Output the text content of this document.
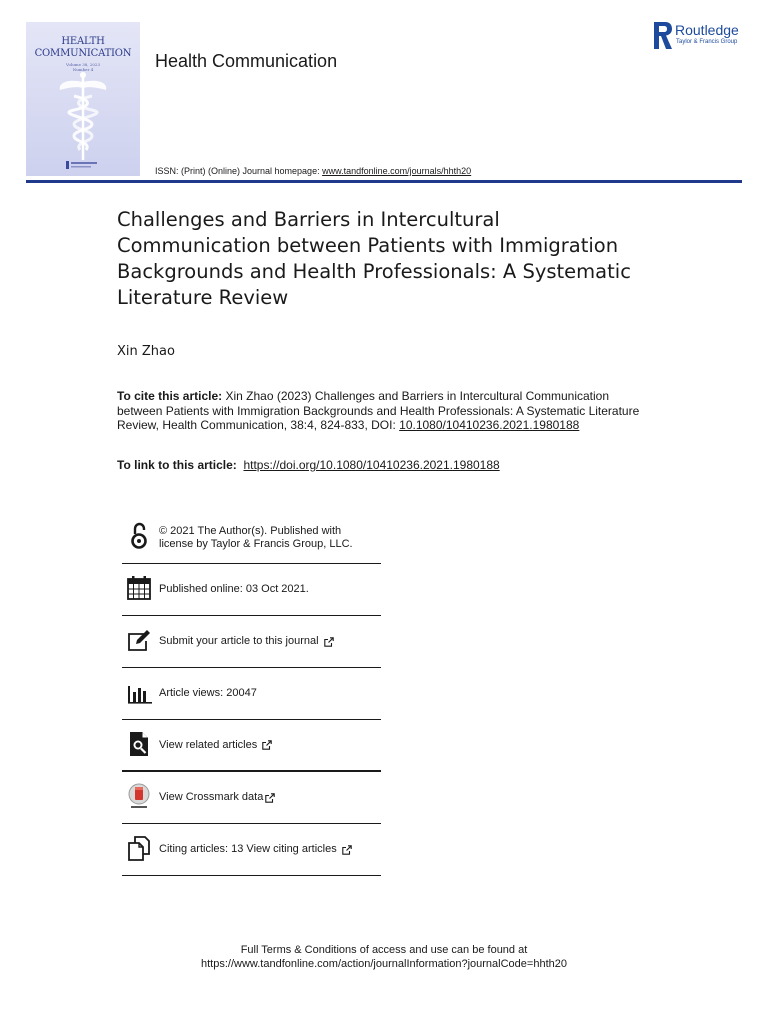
HEALTH
COMMUNICATION
Volume 38, 2023
Number 4	Health Communication
Routledge
Taylor & Francis Group
ISSN: (Print) (Online) Journal homepage: www.tandfonline.com/journals/hhth20
Challenges and Barriers in Intercultural Communication between Patients with Immigration Backgrounds and Health Professionals: A Systematic Literature Review
Xin Zhao
To cite this article: Xin Zhao (2023) Challenges and Barriers in Intercultural Communication between Patients with Immigration Backgrounds and Health Professionals: A Systematic Literature Review, Health Communication, 38:4, 824-833, DOI: 10.1080/10410236.2021.1980188
To link to this article: https://doi.org/10.1080/10410236.2021.1980188
© 2021 The Author(s). Published with
license by Taylor & Francis Group, LLC.
Published online: 03 Oct 2021.
Submit your article to this journal
Article views: 20047
View related articles
View Crossmark data
Citing articles: 13 View citing articles
Full Terms & Conditions of access and use can be found at
https://www.tandfonline.com/action/journalInformation?journalCode=hhth20
